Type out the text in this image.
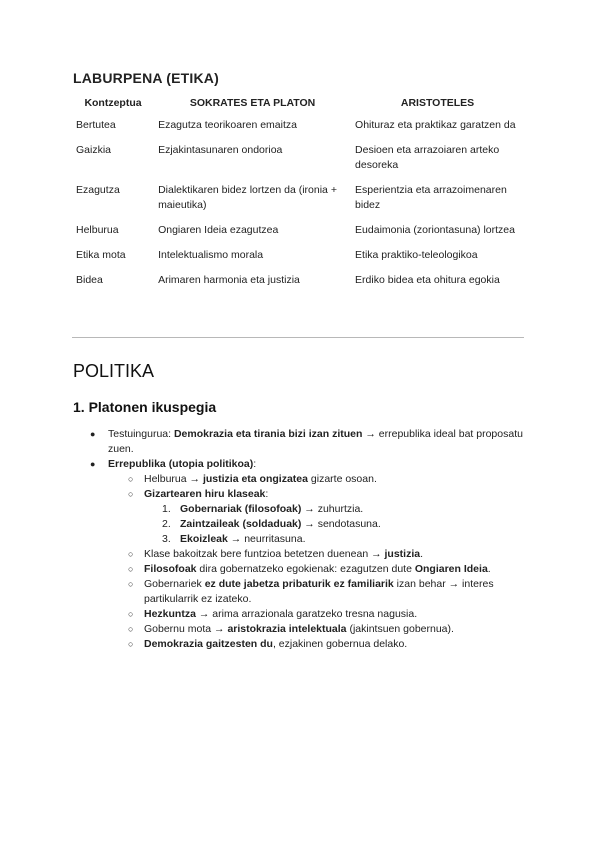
LABURPENA (ETIKA)
Kontzeptua	SOKRATES ETA PLATON	ARISTOTELES
Bertutea	Ezagutza teorikoaren emaitza	Ohituraz eta praktikaz garatzen da
Gaizkia	Ezjakintasunaren ondorioa	Desioen eta arrazoiaren arteko desoreka
Ezagutza	Dialektikaren bidez lortzen da (ironia + maieutika)	Esperientzia eta arrazoimenaren bidez
Helburua	Ongiaren Ideia ezagutzea	Eudaimonia (zoriontasuna) lortzea
Etika mota	Intelektualismo morala	Etika praktiko-teleologikoa
Bidea	Arimaren harmonia eta justizia	Erdiko bidea eta ohitura egokia
POLITIKA
1. Platonen ikuspegia
● Testuingurua: Demokrazia eta tirania bizi izan zituen → errepublika ideal bat proposatu zuen.
● Errepublika (utopia politikoa):
○ Helburua → justizia eta ongizatea gizarte osoan.
○ Gizartearen hiru klaseak:
1. Gobernariak (filosofoak) → zuhurtzia.
2. Zaintzaileak (soldaduak) → sendotasuna.
3. Ekoizleak → neurritasuna.
○ Klase bakoitzak bere funtzioa betetzen duenean → justizia.
○ Filosofoak dira gobernatzeko egokienak: ezagutzen dute Ongiaren Ideia.
○ Gobernariek ez dute jabetza pribaturik ez familiarik izan behar → interes partikularrik ez izateko.
○ Hezkuntza → arima arrazionala garatzeko tresna nagusia.
○ Gobernu mota → aristokrazia intelektuala (jakintsuen gobernua).
○ Demokrazia gaitzesten du, ezjakinen gobernua delako.
